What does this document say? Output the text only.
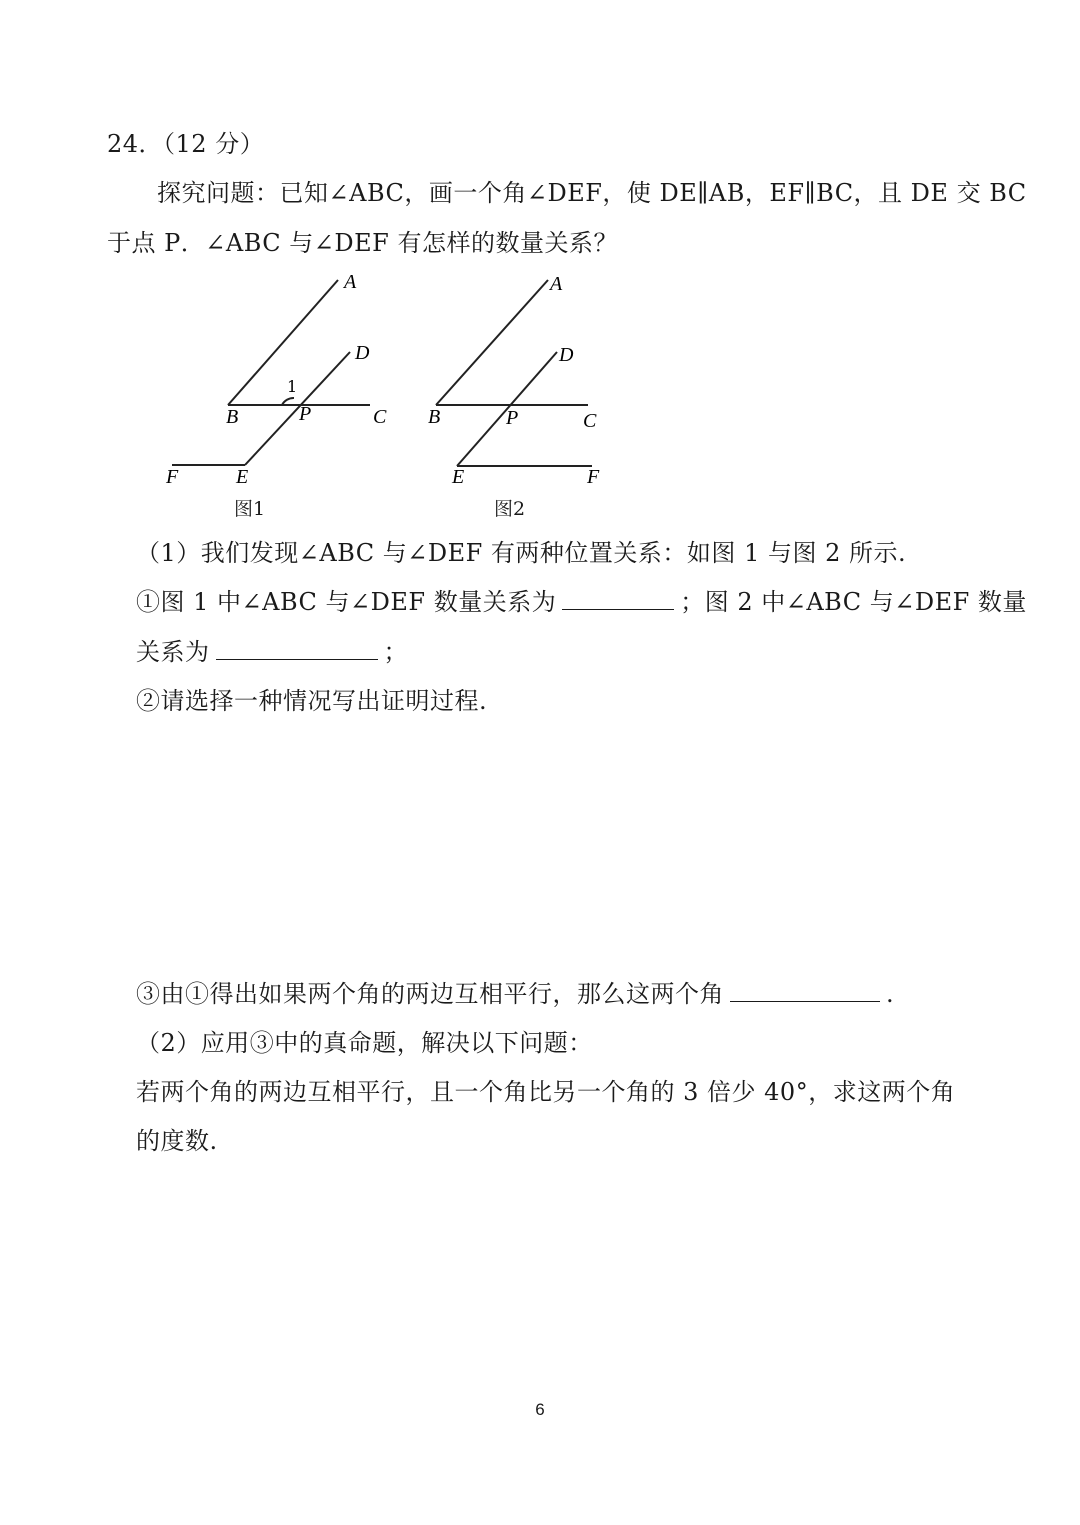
24．（12 分）
探究问题：已知∠ABC，画一个角∠DEF，使 DE∥AB，EF∥BC，且 DE 交 BC
于点 P．∠ABC 与∠DEF 有怎样的数量关系？
A
D
1
B	P	C
F	E
图1
A
D
B	P	C
E	F
图2
（1）我们发现∠ABC 与∠DEF 有两种位置关系：如图 1 与图 2 所示.
①图 1 中∠ABC 与∠DEF 数量关系为	；图 2 中∠ABC 与∠DEF 数量
关系为	；
②请选择一种情况写出证明过程.
③由①得出如果两个角的两边互相平行，那么这两个角	.
（2）应用③中的真命题，解决以下问题：
若两个角的两边互相平行，且一个角比另一个角的 3 倍少 40°，求这两个角
的度数.
6
